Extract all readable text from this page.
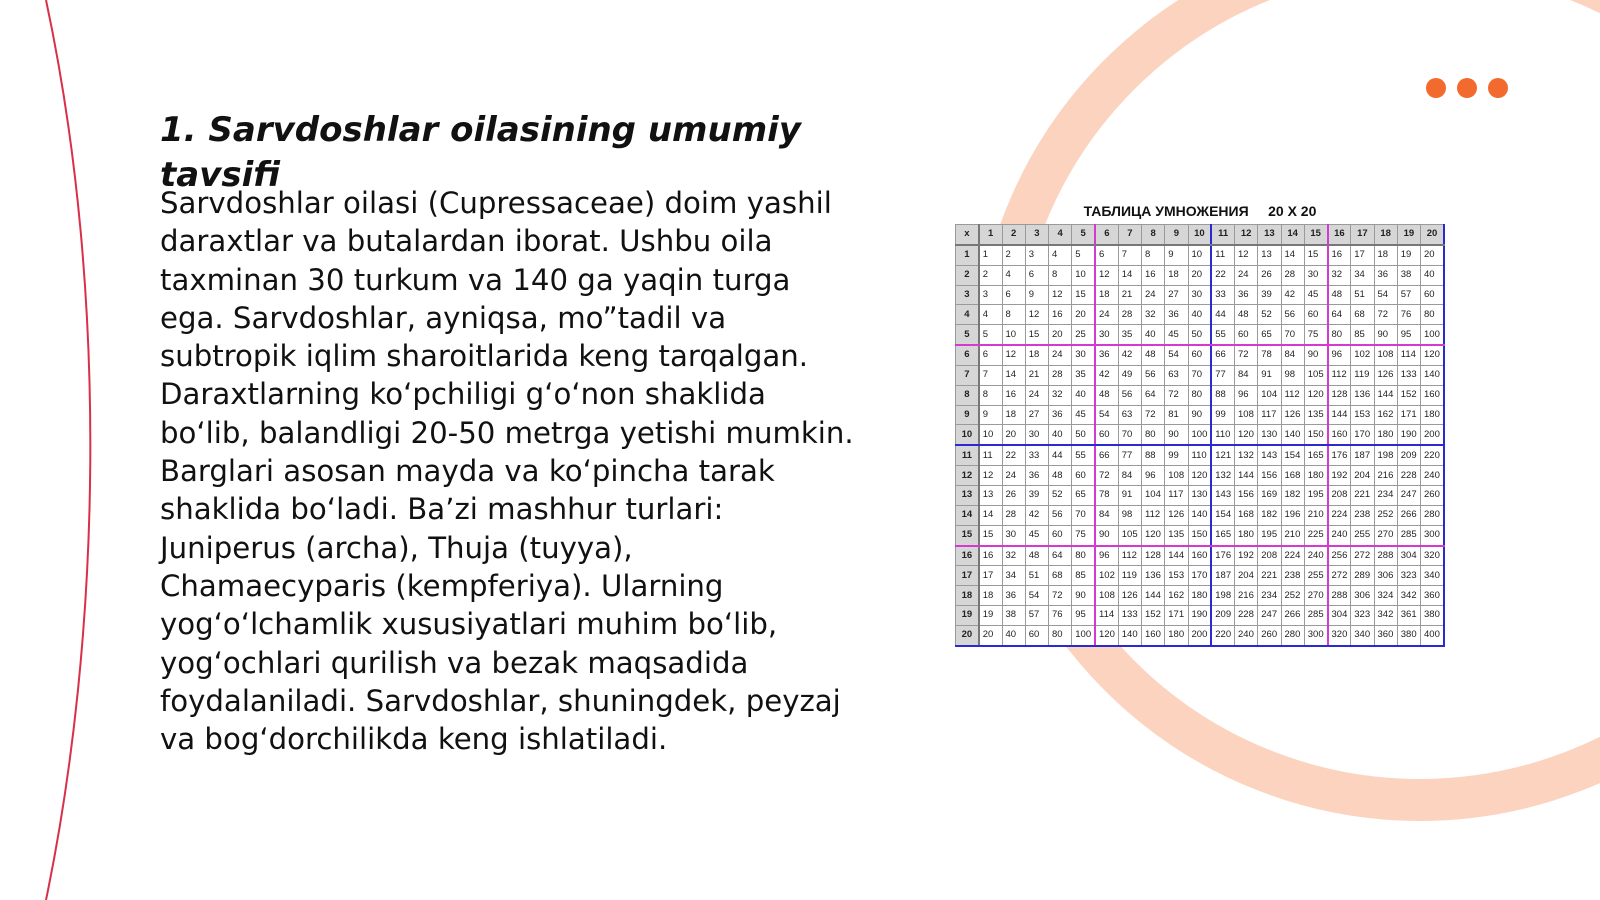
1. Sarvdoshlar oilasining umumiy tavsifi

Sarvdoshlar oilasi (Cupressaceae) doim yashil daraxtlar va butalardan iborat. Ushbu oila taxminan 30 turkum va 140 ga yaqin turga ega. Sarvdoshlar, ayniqsa, mo”tadil va subtropik iqlim sharoitlarida keng tarqalgan. Daraxtlarning ko‘pchiligi g‘o‘non shaklida bo‘lib, balandligi 20-50 metrga yetishi mumkin. Barglari asosan mayda va ko‘pincha tarak shaklida bo‘ladi. Ba’zi mashhur turlari: Juniperus (archa), Thuja (tuyya), Chamaecyparis (kempferiya). Ularning yog‘o‘lchamlik xususiyatlari muhim bo‘lib, yog‘ochlari qurilish va bezak maqsadida foydalaniladi. Sarvdoshlar, shuningdek, peyzaj va bog‘dorchilikda keng ishlatiladi.

ТАБЛИЦА УМНОЖЕНИЯ 20 X 20
x	1	2	3	4	5	6	7	8	9	10	11	12	13	14	15	16	17	18	19	20
1	1	2	3	4	5	6	7	8	9	10	11	12	13	14	15	16	17	18	19	20
2	2	4	6	8	10	12	14	16	18	20	22	24	26	28	30	32	34	36	38	40
3	3	6	9	12	15	18	21	24	27	30	33	36	39	42	45	48	51	54	57	60
4	4	8	12	16	20	24	28	32	36	40	44	48	52	56	60	64	68	72	76	80
5	5	10	15	20	25	30	35	40	45	50	55	60	65	70	75	80	85	90	95	100
6	6	12	18	24	30	36	42	48	54	60	66	72	78	84	90	96	102	108	114	120
7	7	14	21	28	35	42	49	56	63	70	77	84	91	98	105	112	119	126	133	140
8	8	16	24	32	40	48	56	64	72	80	88	96	104	112	120	128	136	144	152	160
9	9	18	27	36	45	54	63	72	81	90	99	108	117	126	135	144	153	162	171	180
10	10	20	30	40	50	60	70	80	90	100	110	120	130	140	150	160	170	180	190	200
11	11	22	33	44	55	66	77	88	99	110	121	132	143	154	165	176	187	198	209	220
12	12	24	36	48	60	72	84	96	108	120	132	144	156	168	180	192	204	216	228	240
13	13	26	39	52	65	78	91	104	117	130	143	156	169	182	195	208	221	234	247	260
14	14	28	42	56	70	84	98	112	126	140	154	168	182	196	210	224	238	252	266	280
15	15	30	45	60	75	90	105	120	135	150	165	180	195	210	225	240	255	270	285	300
16	16	32	48	64	80	96	112	128	144	160	176	192	208	224	240	256	272	288	304	320
17	17	34	51	68	85	102	119	136	153	170	187	204	221	238	255	272	289	306	323	340
18	18	36	54	72	90	108	126	144	162	180	198	216	234	252	270	288	306	324	342	360
19	19	38	57	76	95	114	133	152	171	190	209	228	247	266	285	304	323	342	361	380
20	20	40	60	80	100	120	140	160	180	200	220	240	260	280	300	320	340	360	380	400
